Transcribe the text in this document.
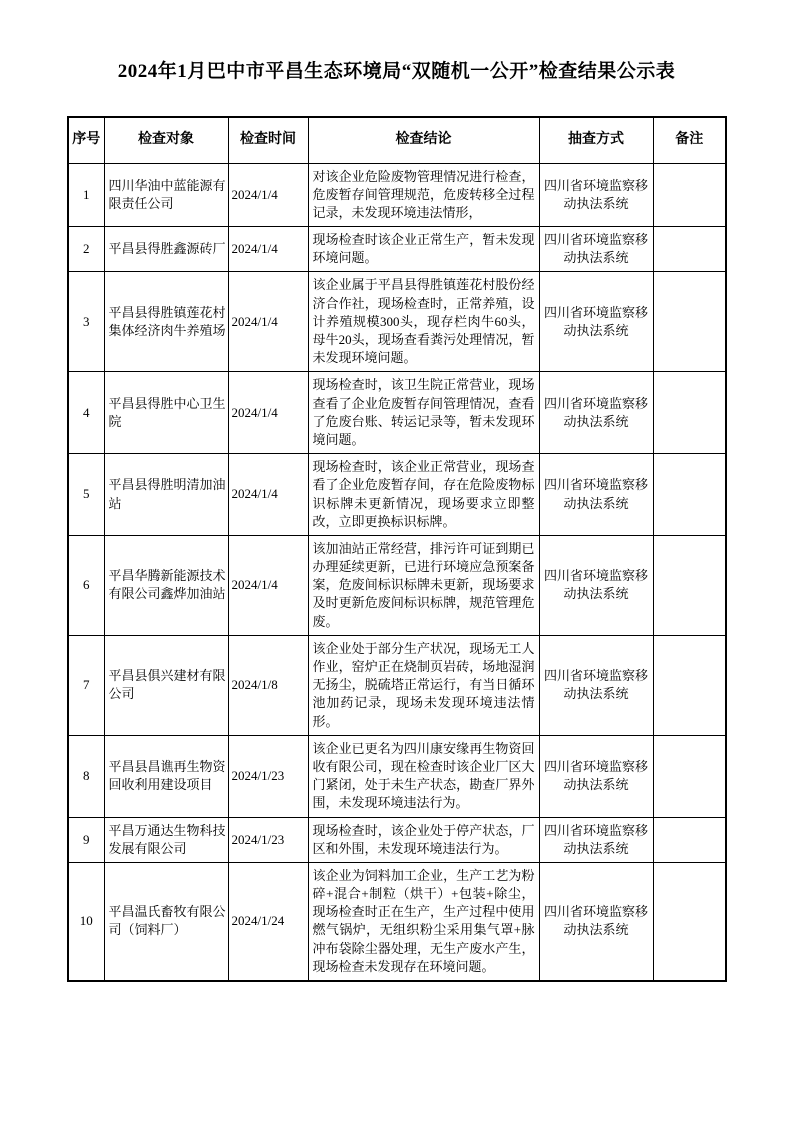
2024年1月巴中市平昌生态环境局“双随机一公开”检查结果公示表
序号	检查对象	检查时间	检查结论	抽查方式	备注
1	四川华油中蓝能源有限责任公司	2024/1/4	对该企业危险废物管理情况进行检查，危废暂存间管理规范，危废转移全过程记录，未发现环境违法情形，	四川省环境监察移动执法系统	
2	平昌县得胜鑫源砖厂	2024/1/4	现场检查时该企业正常生产，暂未发现环境问题。	四川省环境监察移动执法系统	
3	平昌县得胜镇莲花村集体经济肉牛养殖场	2024/1/4	该企业属于平昌县得胜镇莲花村股份经济合作社，现场检查时，正常养殖，设计养殖规模300头，现存栏肉牛60头，母牛20头，现场查看粪污处理情况，暂未发现环境问题。	四川省环境监察移动执法系统	
4	平昌县得胜中心卫生院	2024/1/4	现场检查时，该卫生院正常营业，现场查看了企业危废暂存间管理情况，查看了危废台账、转运记录等，暂未发现环境问题。	四川省环境监察移动执法系统	
5	平昌县得胜明清加油站	2024/1/4	现场检查时，该企业正常营业，现场查看了企业危废暂存间，存在危险废物标识标牌未更新情况，现场要求立即整改，立即更换标识标牌。	四川省环境监察移动执法系统	
6	平昌华腾新能源技术有限公司鑫烨加油站	2024/1/4	该加油站正常经营，排污许可证到期已办理延续更新，已进行环境应急预案备案，危废间标识标牌未更新，现场要求及时更新危废间标识标牌，规范管理危废。	四川省环境监察移动执法系统	
7	平昌县俱兴建材有限公司	2024/1/8	该企业处于部分生产状况，现场无工人作业，窑炉正在烧制页岩砖，场地湿润无扬尘，脱硫塔正常运行，有当日循环池加药记录，现场未发现环境违法情形。	四川省环境监察移动执法系统	
8	平昌县昌谯再生物资回收利用建设项目	2024/1/23	该企业已更名为四川康安缘再生物资回收有限公司，现在检查时该企业厂区大门紧闭，处于未生产状态，勘查厂界外围，未发现环境违法行为。	四川省环境监察移动执法系统	
9	平昌万通达生物科技发展有限公司	2024/1/23	现场检查时，该企业处于停产状态，厂区和外围，未发现环境违法行为。	四川省环境监察移动执法系统	
10	平昌温氏畜牧有限公司（饲料厂）	2024/1/24	该企业为饲料加工企业，生产工艺为粉碎+混合+制粒（烘干）+包装+除尘，现场检查时正在生产，生产过程中使用燃气锅炉，无组织粉尘采用集气罩+脉冲布袋除尘器处理，无生产废水产生，现场检查未发现存在环境问题。	四川省环境监察移动执法系统	
